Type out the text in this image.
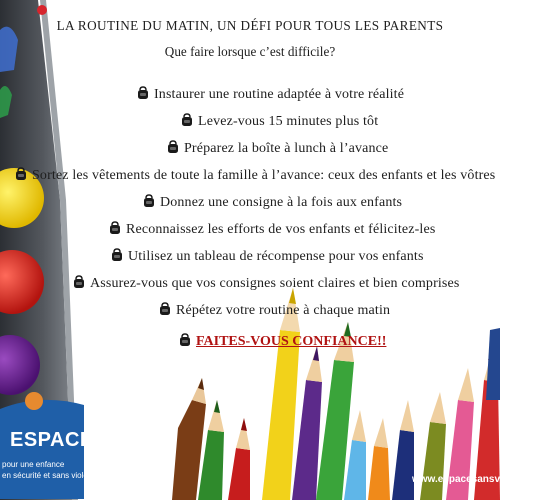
ESPACE
pour une enfance
en sécurité et sans violence	www.espacesansviolence.org
LA ROUTINE DU MATIN, UN DÉFI POUR TOUS LES PARENTS
Que faire lorsque c’est difficile?
Instaurer une routine adaptée à votre réalité
Levez-vous 15 minutes plus tôt
Préparez la boîte à lunch à l’avance
Sortez les vêtements de toute la famille à l’avance: ceux des enfants et les vôtres
Donnez une consigne à la fois aux enfants
Reconnaissez les efforts de vos enfants et félicitez-les
Utilisez un tableau de récompense pour vos enfants
Assurez-vous que vos consignes soient claires et bien comprises
Répétez votre routine à chaque matin
FAITES-VOUS CONFIANCE!!
